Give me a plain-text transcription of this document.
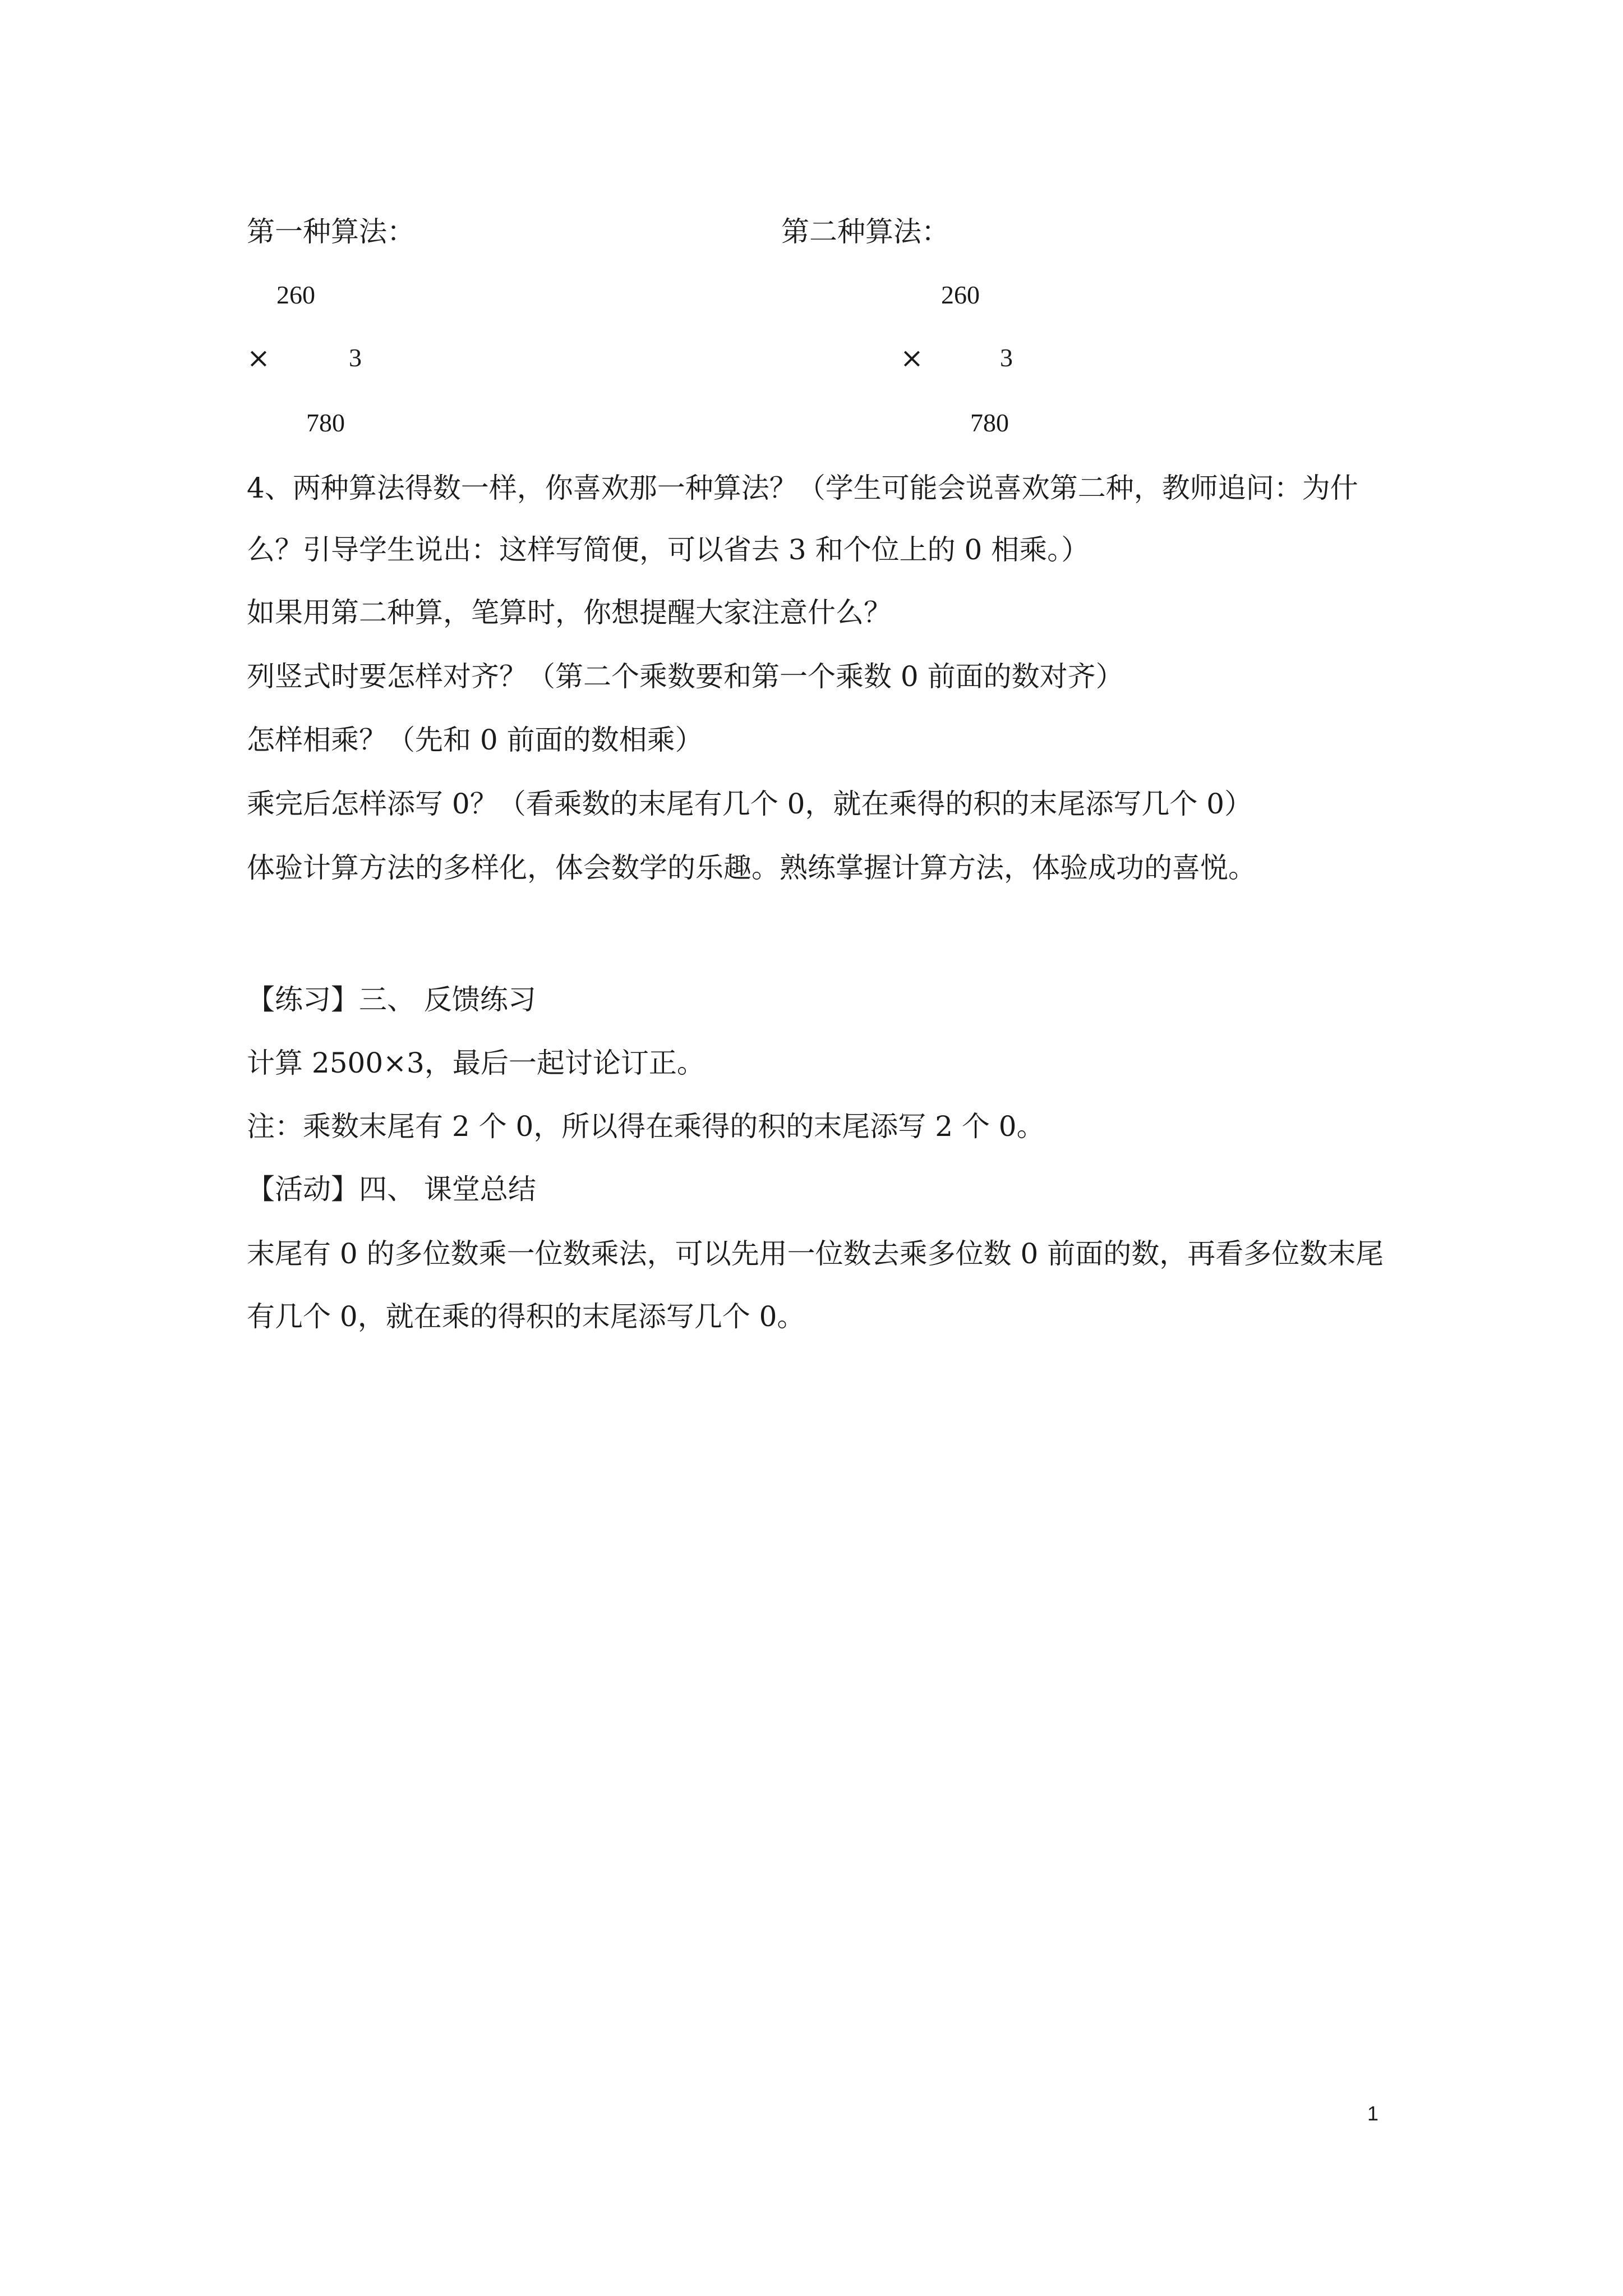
第一种算法：	第二种算法：
260	260
×	3	×	3
780	780
4、两种算法得数一样，你喜欢那一种算法？（学生可能会说喜欢第二种，教师追问：为什
么？引导学生说出：这样写简便，可以省去 3 和个位上的 0 相乘。）
如果用第二种算，笔算时，你想提醒大家注意什么？
列竖式时要怎样对齐？（第二个乘数要和第一个乘数 0 前面的数对齐）
怎样相乘？（先和 0 前面的数相乘）
乘完后怎样添写 0？（看乘数的末尾有几个 0，就在乘得的积的末尾添写几个 0）
体验计算方法的多样化，体会数学的乐趣。熟练掌握计算方法，体验成功的喜悦。
【练习】三、 反馈练习
计算 2500×3，最后一起讨论订正。
注：乘数末尾有 2 个 0，所以得在乘得的积的末尾添写 2 个 0。
【活动】四、 课堂总结
末尾有 0 的多位数乘一位数乘法，可以先用一位数去乘多位数 0 前面的数，再看多位数末尾
有几个 0，就在乘的得积的末尾添写几个 0。
1
